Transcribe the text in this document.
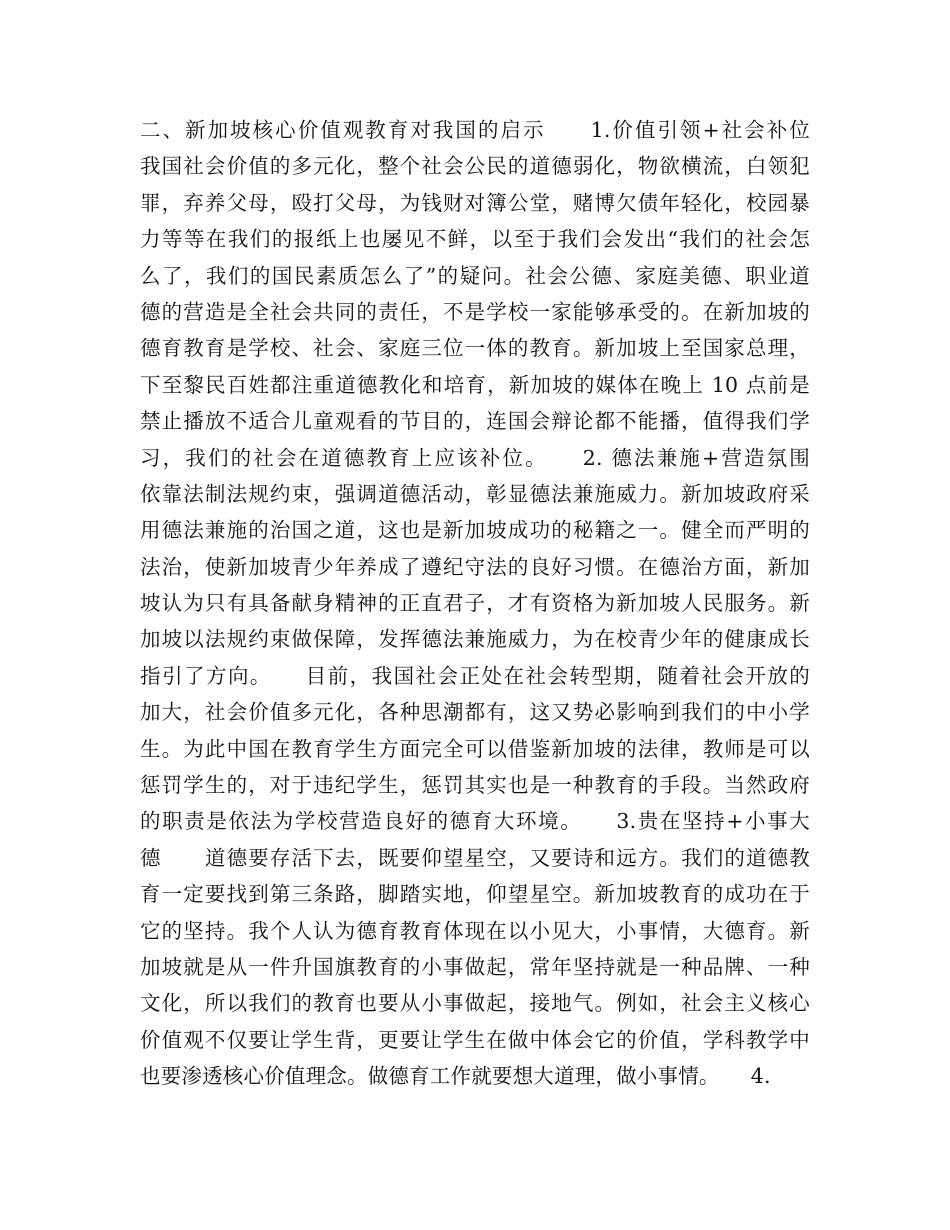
二、新加坡核心价值观教育对我国的启示　　1.价值引领+社会补位
我国社会价值的多元化，整个社会公民的道德弱化，物欲横流，白领犯
罪，弃养父母，殴打父母，为钱财对簿公堂，赌博欠债年轻化，校园暴
力等等在我们的报纸上也屡见不鲜，以至于我们会发出“我们的社会怎
么了，我们的国民素质怎么了”的疑问。社会公德、家庭美德、职业道
德的营造是全社会共同的责任，不是学校一家能够承受的。在新加坡的
德育教育是学校、社会、家庭三位一体的教育。新加坡上至国家总理，
下至黎民百姓都注重道德教化和培育，新加坡的媒体在晚上 10 点前是
禁止播放不适合儿童观看的节目的，连国会辩论都不能播，值得我们学
习，我们的社会在道德教育上应该补位。　　2. 德法兼施+营造氛围
依靠法制法规约束，强调道德活动，彰显德法兼施威力。新加坡政府采
用德法兼施的治国之道，这也是新加坡成功的秘籍之一。健全而严明的
法治，使新加坡青少年养成了遵纪守法的良好习惯。在德治方面，新加
坡认为只有具备献身精神的正直君子，才有资格为新加坡人民服务。新
加坡以法规约束做保障，发挥德法兼施威力，为在校青少年的健康成长
指引了方向。　　目前，我国社会正处在社会转型期，随着社会开放的
加大，社会价值多元化，各种思潮都有，这又势必影响到我们的中小学
生。为此中国在教育学生方面完全可以借鉴新加坡的法律，教师是可以
惩罚学生的，对于违纪学生，惩罚其实也是一种教育的手段。当然政府
的职责是依法为学校营造良好的德育大环境。　　3.贵在坚持+小事大
德　　道德要存活下去，既要仰望星空，又要诗和远方。我们的道德教
育一定要找到第三条路，脚踏实地，仰望星空。新加坡教育的成功在于
它的坚持。我个人认为德育教育体现在以小见大，小事情，大德育。新
加坡就是从一件升国旗教育的小事做起，常年坚持就是一种品牌、一种
文化，所以我们的教育也要从小事做起，接地气。例如，社会主义核心
价值观不仅要让学生背，更要让学生在做中体会它的价值，学科教学中
也要渗透核心价值理念。做德育工作就要想大道理，做小事情。　　4.
